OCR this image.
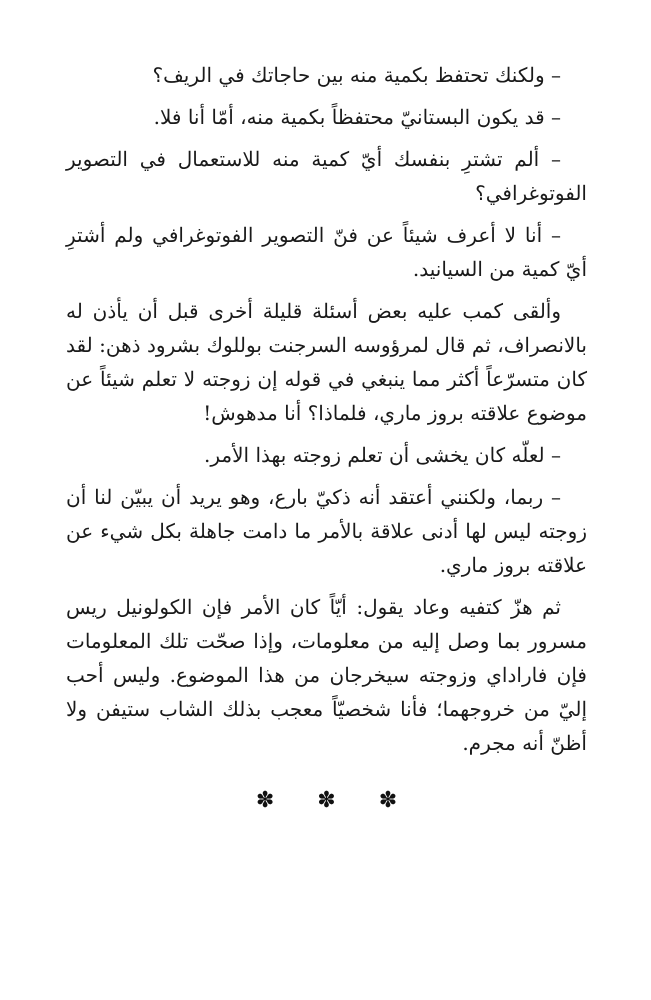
– ولكنك تحتفظ بكمية منه بين حاجاتك في الريف؟

– قد يكون البستانيّ محتفظاً بكمية منه، أمّا أنا فلا.

– ألم تشترِ بنفسك أيّ كمية منه للاستعمال في التصوير الفوتوغرافي؟

– أنا لا أعرف شيئاً عن فنّ التصوير الفوتوغرافي ولم أشترِ أيّ كمية من السيانيد.

وألقى كمب عليه بعض أسئلة قليلة أخرى قبل أن يأذن له بالانصراف، ثم قال لمرؤوسه السرجنت بوللوك بشرود ذهن: لقد كان متسرّعاً أكثر مما ينبغي في قوله إن زوجته لا تعلم شيئاً عن موضوع علاقته بروز ماري، فلماذا؟ أنا مدهوش!

– لعلّه كان يخشى أن تعلم زوجته بهذا الأمر.

– ربما، ولكنني أعتقد أنه ذكيّ بارع، وهو يريد أن يبيّن لنا أن زوجته ليس لها أدنى علاقة بالأمر ما دامت جاهلة بكل شيء عن علاقته بروز ماري.

ثم هزّ كتفيه وعاد يقول: أيّاً كان الأمر فإن الكولونيل ريس مسرور بما وصل إليه من معلومات، وإذا صحّت تلك المعلومات فإن فاراداي وزوجته سيخرجان من هذا الموضوع. وليس أحب إليّ من خروجهما؛ فأنا شخصيّاً معجب بذلك الشاب ستيفن ولا أظنّ أنه مجرم.

✽ ✽ ✽
